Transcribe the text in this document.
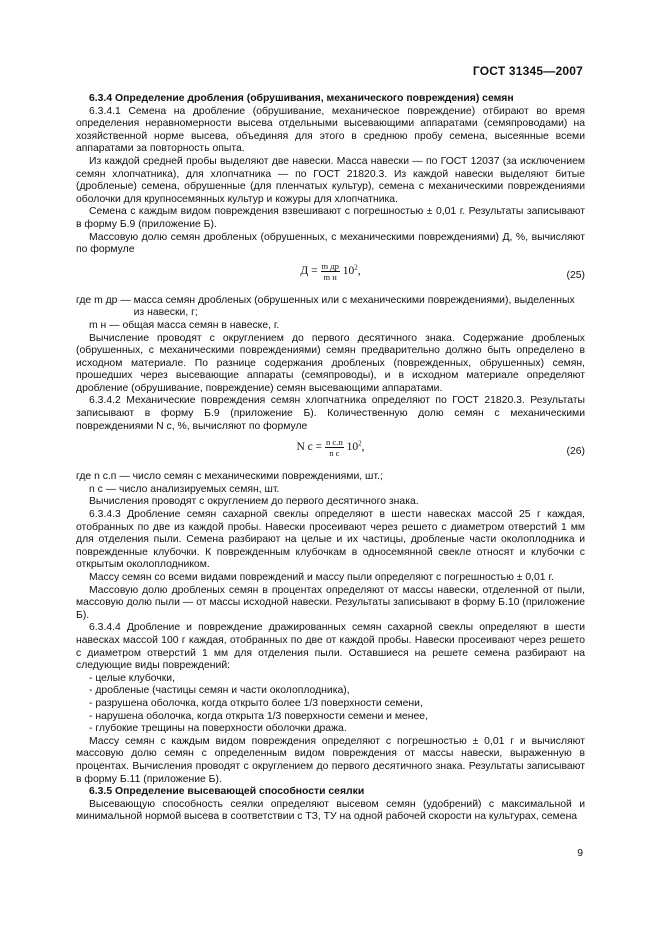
ГОСТ 31345—2007

6.3.4 Определение дробления (обрушивания, механического повреждения) семян

6.3.4.1 Семена на дробление (обрушивание, механическое повреждение) отбирают во время определения неравномерности высева отдельными высевающими аппаратами (семяпроводами) на хозяйственной норме высева, объединяя для этого в среднюю пробу семена, высеянные всеми аппаратами за повторность опыта.

Из каждой средней пробы выделяют две навески. Масса навески — по ГОСТ 12037 (за исключением семян хлопчатника), для хлопчатника — по ГОСТ 21820.3. Из каждой навески выделяют битые (дробленые) семена, обрушенные (для пленчатых культур), семена с механическими повреждениями оболочки для крупносемянных культур и кожуры для хлопчатника.

Семена с каждым видом повреждения взвешивают с погрешностью ± 0,01 г. Результаты записывают в форму Б.9 (приложение Б).

Массовую долю семян дробленых (обрушенных, с механическими повреждениями) Д, %, вычисляют по формуле

$Д = \frac{\text{m др}}{\text{m н}} 10^2$,	(25)
где m др — масса семян дробленых (обрушенных или с механическими повреждениями), выделенных из навески, г;
m н — общая масса семян в навеске, г.

Вычисление проводят с округлением до первого десятичного знака. Содержание дробленых (обрушенных, с механическими повреждениями) семян предварительно должно быть определено в исходном материале. По разнице содержания дробленых (поврежденных, обрушенных) семян, прошедших через высевающие аппараты (семяпроводы), и в исходном материале определяют дробление (обрушивание, повреждение) семян высевающими аппаратами.

6.3.4.2 Механические повреждения семян хлопчатника определяют по ГОСТ 21820.3. Результаты записывают в форму Б.9 (приложение Б). Количественную долю семян с механическими повреждениями N с, %, вычисляют по формуле

N $с = \frac{\text{n с.п}}{\text{n с}} 10^2$,	(26)
где n с.п — число семян с механическими повреждениями, шт.;
n с — число анализируемых семян, шт.

Вычисления проводят с округлением до первого десятичного знака.

6.3.4.3 Дробление семян сахарной свеклы определяют в шести навесках массой 25 г каждая, отобранных по две из каждой пробы. Навески просеивают через решето с диаметром отверстий 1 мм для отделения пыли. Семена разбирают на целые и их частицы, дробленые части околоплодника и поврежденные клубочки. К поврежденным клубочкам в односемянной свекле относят и клубочки с открытым околоплодником.

Массу семян со всеми видами повреждений и массу пыли определяют с погрешностью ± 0,01 г.

Массовую долю дробленых семян в процентах определяют от массы навески, отделенной от пыли, массовую долю пыли — от массы исходной навески. Результаты записывают в форму Б.10 (приложение Б).

6.3.4.4 Дробление и повреждение дражированных семян сахарной свеклы определяют в шести навесках массой 100 г каждая, отобранных по две от каждой пробы. Навески просеивают через решето с диаметром отверстий 1 мм для отделения пыли. Оставшиеся на решете семена разбирают на следующие виды повреждений:

- целые клубочки,
- дробленые (частицы семян и части околоплодника),
- разрушена оболочка, когда открыто более 1/3 поверхности семени,
- нарушена оболочка, когда открыта 1/3 поверхности семени и менее,
- глубокие трещины на поверхности оболочки дража.

Массу семян с каждым видом повреждения определяют с погрешностью ± 0,01 г и вычисляют массовую долю семян с определенным видом повреждения от массы навески, выраженную в процентах. Вычисления проводят с округлением до первого десятичного знака. Результаты записывают в форму Б.11 (приложение Б).

6.3.5 Определение высевающей способности сеялки

Высевающую способность сеялки определяют высевом семян (удобрений) с максимальной и минимальной нормой высева в соответствии с ТЗ, ТУ на одной рабочей скорости на культурах, семена

9
